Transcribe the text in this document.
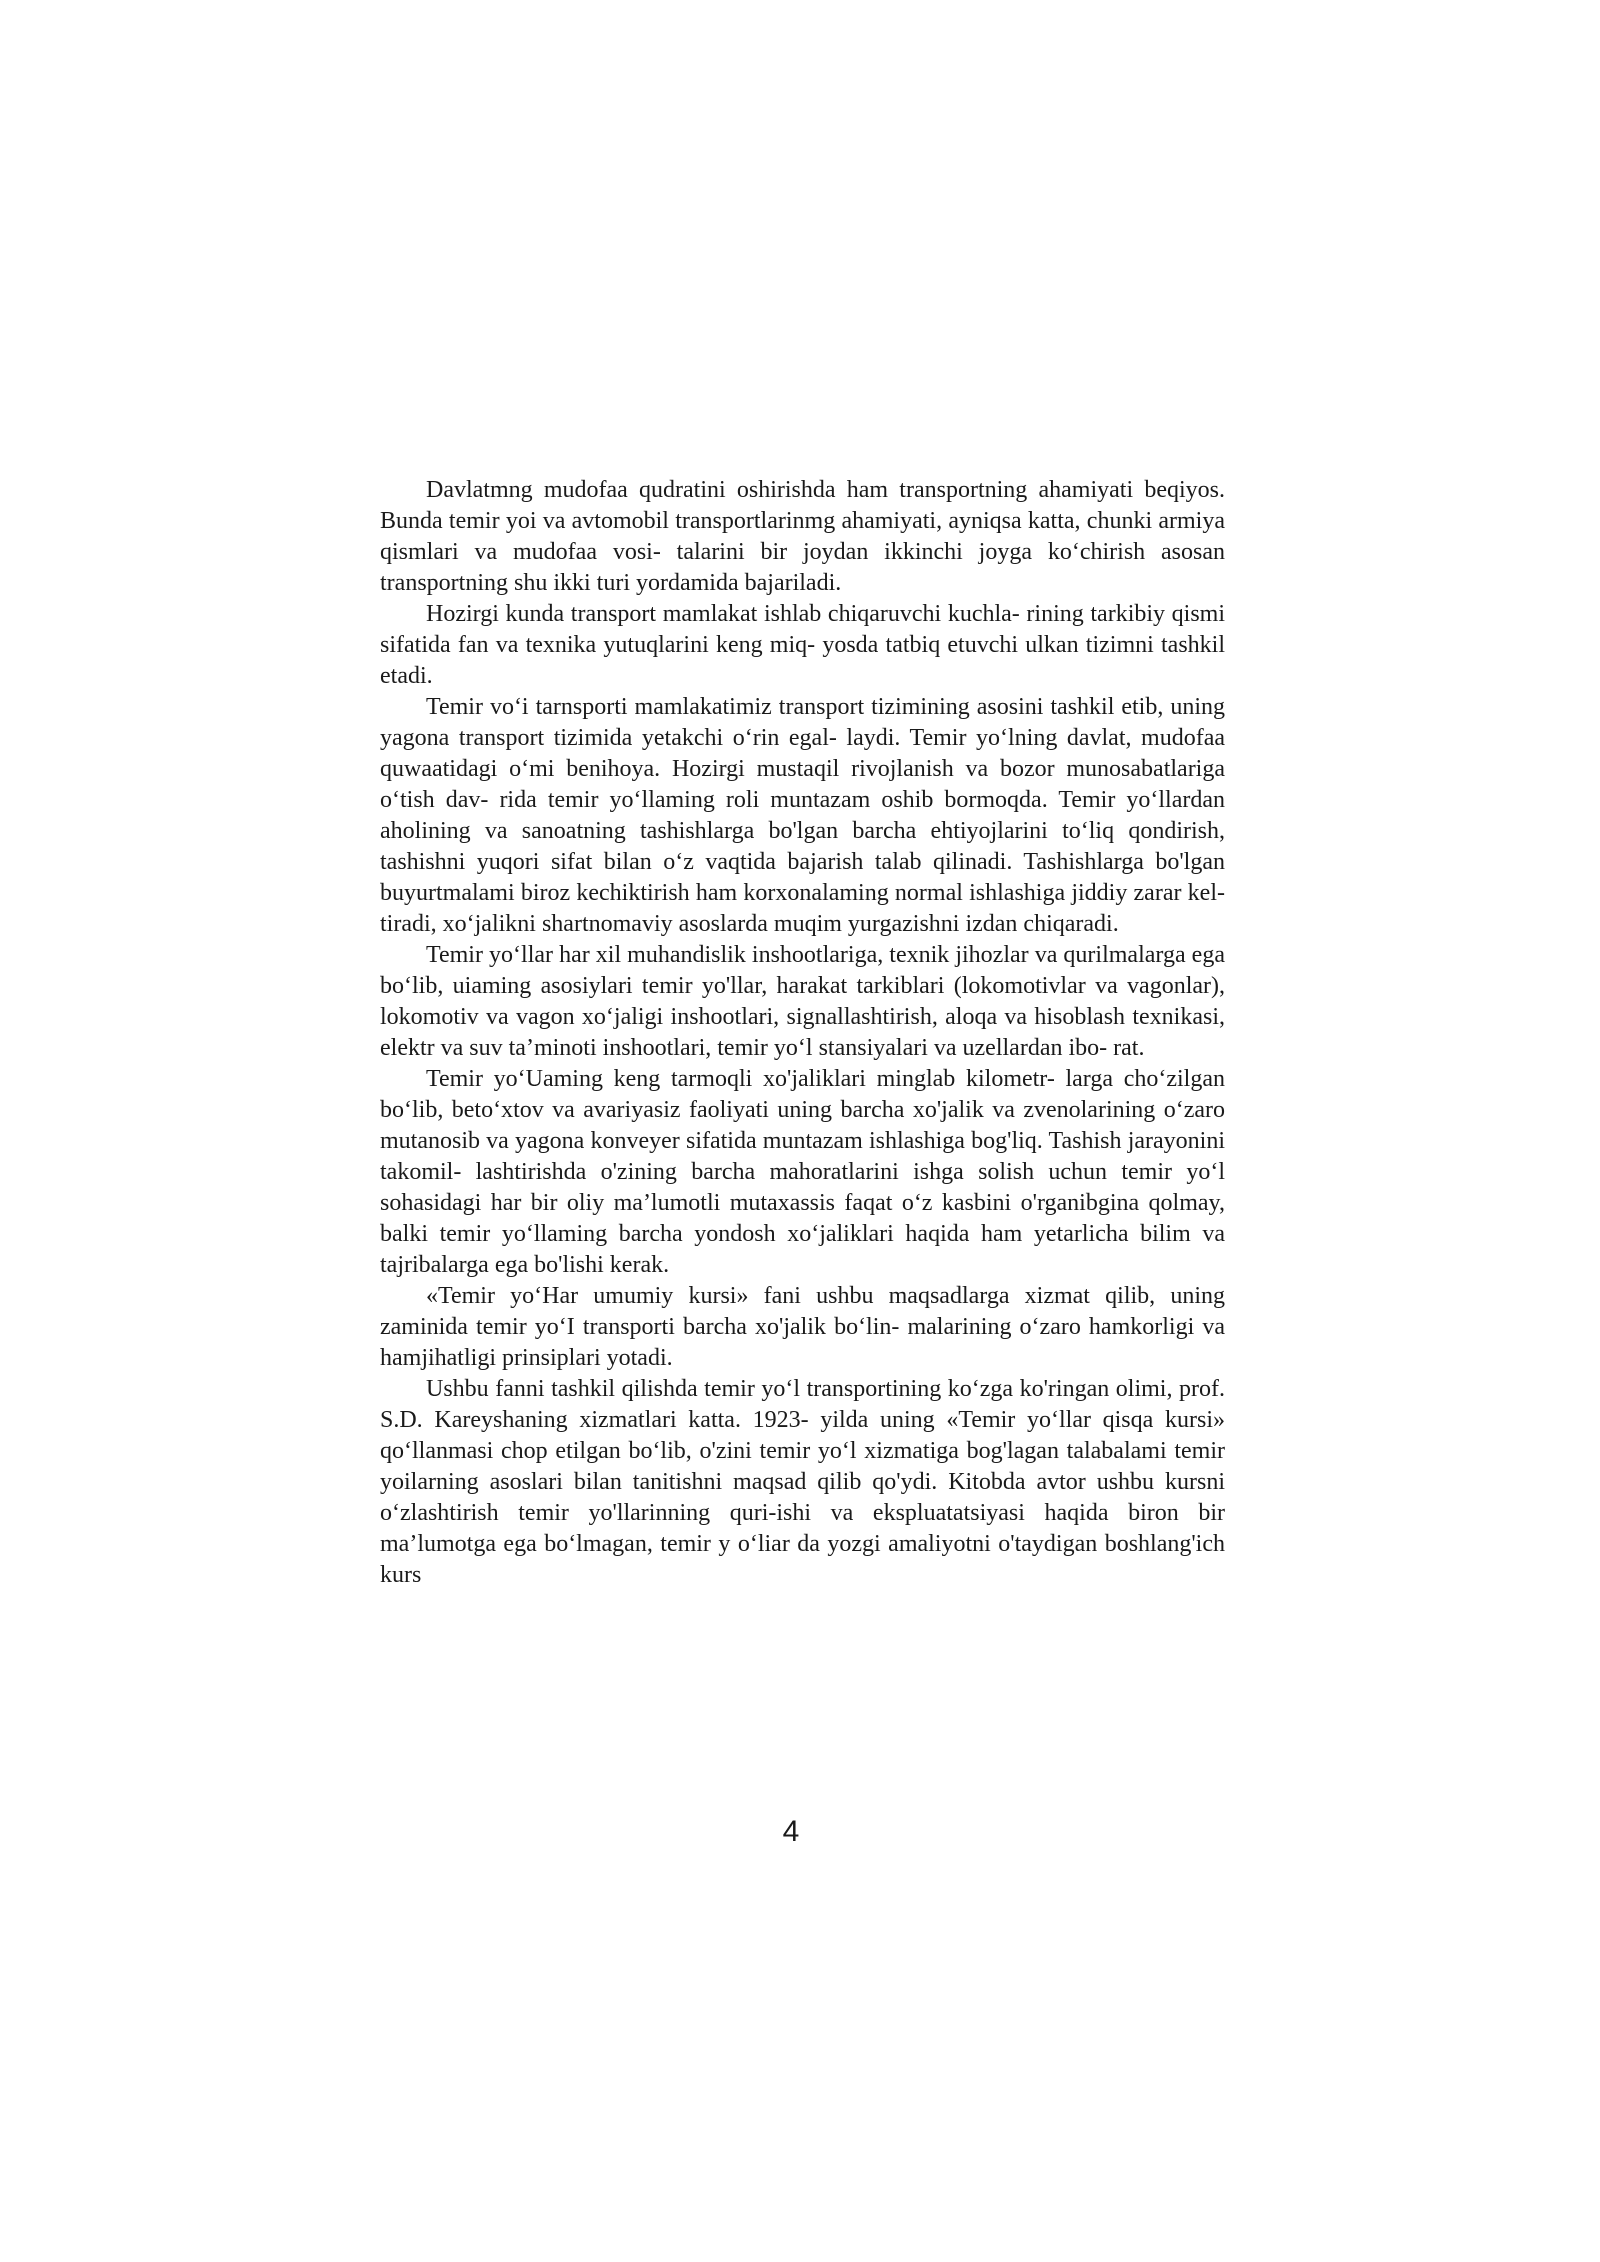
Davlatmng mudofaa qudratini oshirishda ham transportning ahamiyati beqiyos. Bunda temir yoi va avtomobil transportlarinmg ahamiyati, ayniqsa katta, chunki armiya qismlari va mudofaa vosi- talarini bir joydan ikkinchi joyga ko‘chirish asosan transportning shu ikki turi yordamida bajariladi.

Hozirgi kunda transport mamlakat ishlab chiqaruvchi kuchla- rining tarkibiy qismi sifatida fan va texnika yutuqlarini keng miq- yosda tatbiq etuvchi ulkan tizimni tashkil etadi.

Temir vo‘i tarnsporti mamlakatimiz transport tizimining asosini tashkil etib, uning yagona transport tizimida yetakchi o‘rin egal- laydi. Temir yo‘lning davlat, mudofaa quwaatidagi o‘mi benihoya. Hozirgi mustaqil rivojlanish va bozor munosabatlariga o‘tish dav- rida temir yo‘llaming roli muntazam oshib bormoqda. Temir yo‘llardan aholining va sanoatning tashishlarga bo'lgan barcha ehtiyojlarini to‘liq qondirish, tashishni yuqori sifat bilan o‘z vaqtida bajarish talab qilinadi. Tashishlarga bo'lgan buyurtmalami biroz kechiktirish ham korxonalaming normal ishlashiga jiddiy zarar kel- tiradi, xo‘jalikni shartnomaviy asoslarda muqim yurgazishni izdan chiqaradi.

Temir yo‘llar har xil muhandislik inshootlariga, texnik jihozlar va qurilmalarga ega bo‘lib, uiaming asosiylari temir yo'llar, harakat tarkiblari (lokomotivlar va vagonlar), lokomotiv va vagon xo‘jaligi inshootlari, signallashtirish, aloqa va hisoblash texnikasi, elektr va suv ta’minoti inshootlari, temir yo‘l stansiyalari va uzellardan ibo- rat.

Temir yo‘Uaming keng tarmoqli xo'jaliklari minglab kilometr- larga cho‘zilgan bo‘lib, beto‘xtov va avariyasiz faoliyati uning barcha xo'jalik va zvenolarining o‘zaro mutanosib va yagona konveyer sifatida muntazam ishlashiga bog'liq. Tashish jarayonini takomil- lashtirishda o'zining barcha mahoratlarini ishga solish uchun temir yo‘l sohasidagi har bir oliy ma’lumotli mutaxassis faqat o‘z kasbini o'rganibgina qolmay, balki temir yo‘llaming barcha yondosh xo‘jaliklari haqida ham yetarlicha bilim va tajribalarga ega bo'lishi kerak.

«Temir yo‘Har umumiy kursi» fani ushbu maqsadlarga xizmat qilib, uning zaminida temir yo‘I transporti barcha xo'jalik bo‘lin- malarining o‘zaro hamkorligi va hamjihatligi prinsiplari yotadi.

Ushbu fanni tashkil qilishda temir yo‘l transportining ko‘zga ko'ringan olimi, prof. S.D. Kareyshaning xizmatlari katta. 1923- yilda uning «Temir yo‘llar qisqa kursi» qo‘llanmasi chop etilgan bo‘lib, o'zini temir yo‘l xizmatiga bog'lagan talabalami temir yoilarning asoslari bilan tanitishni maqsad qilib qo'ydi. Kitobda avtor ushbu kursni o‘zlashtirish temir yo'llarinning quri-ishi va ekspluatatsiyasi haqida biron bir ma’lumotga ega bo‘lmagan, temir y o‘liar da yozgi amaliyotni o'taydigan boshlang'ich kurs

4
